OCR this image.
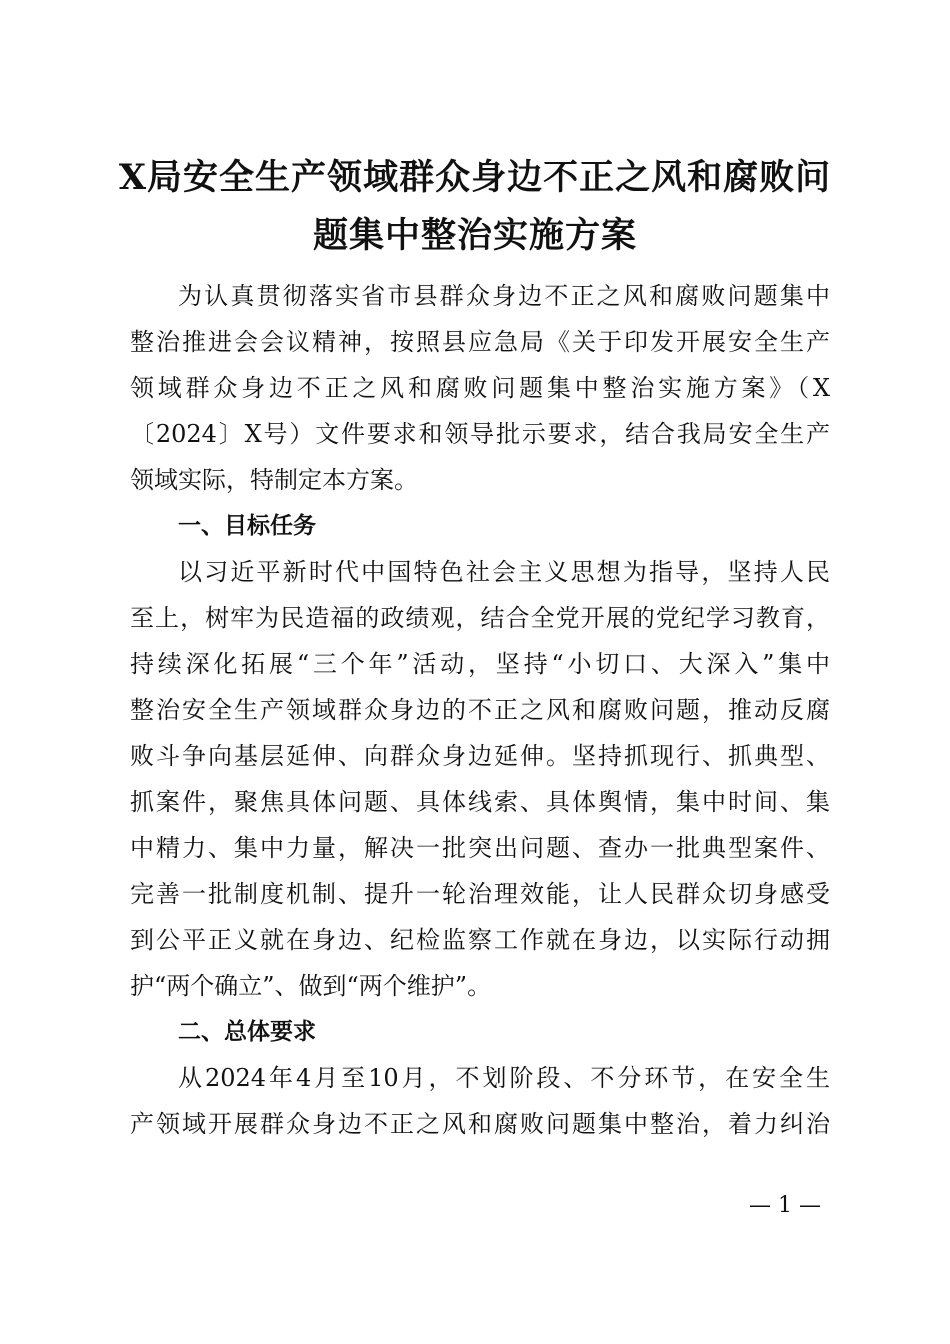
X局安全生产领域群众身边不正之风和腐败问
题集中整治实施方案

为认真贯彻落实省市县群众身边不正之风和腐败问题集中

整治推进会会议精神，按照县应急局《关于印发开展安全生产

领域群众身边不正之风和腐败问题集中整治实施方案》（X

〔2024〕X号）文件要求和领导批示要求，结合我局安全生产

领域实际，特制定本方案。

一、目标任务

以习近平新时代中国特色社会主义思想为指导，坚持人民

至上，树牢为民造福的政绩观，结合全党开展的党纪学习教育，

持续深化拓展“三个年”活动，坚持“小切口、大深入”集中

整治安全生产领域群众身边的不正之风和腐败问题，推动反腐

败斗争向基层延伸、向群众身边延伸。坚持抓现行、抓典型、

抓案件，聚焦具体问题、具体线索、具体舆情，集中时间、集

中精力、集中力量，解决一批突出问题、查办一批典型案件、

完善一批制度机制、提升一轮治理效能，让人民群众切身感受

到公平正义就在身边、纪检监察工作就在身边，以实际行动拥

护“两个确立”、做到“两个维护”。

二、总体要求

从2024年4月至10月，不划阶段、不分环节，在安全生

产领域开展群众身边不正之风和腐败问题集中整治，着力纠治

— 1 —
